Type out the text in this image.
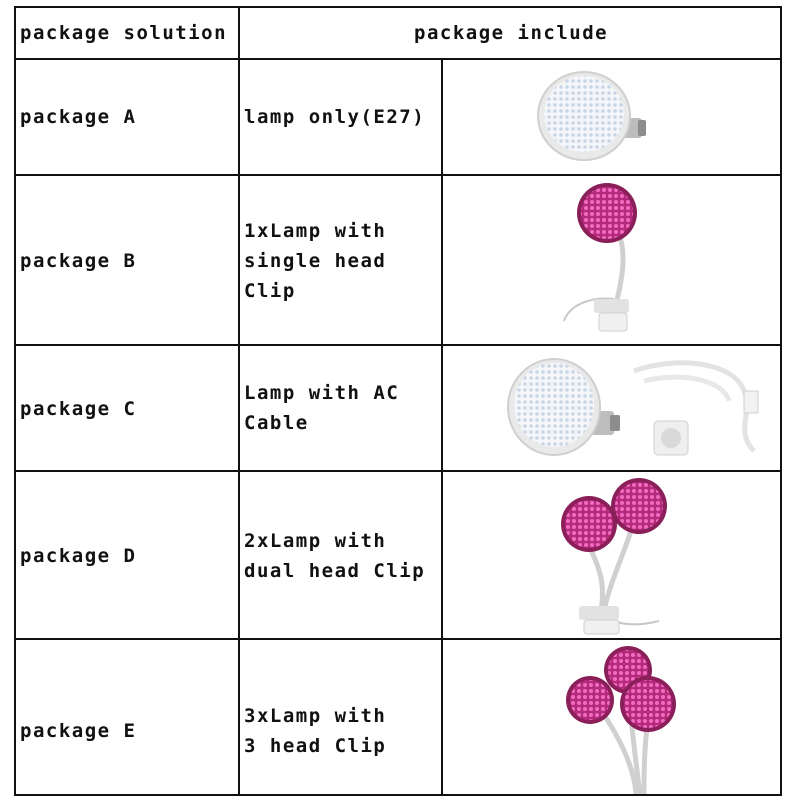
package solution	package include
package A	lamp only(E27)
package B
1xLamp with
single head
Clip
package C
Lamp with AC
Cable
package D
2xLamp with
dual head Clip
package E
3xLamp with
3 head Clip
